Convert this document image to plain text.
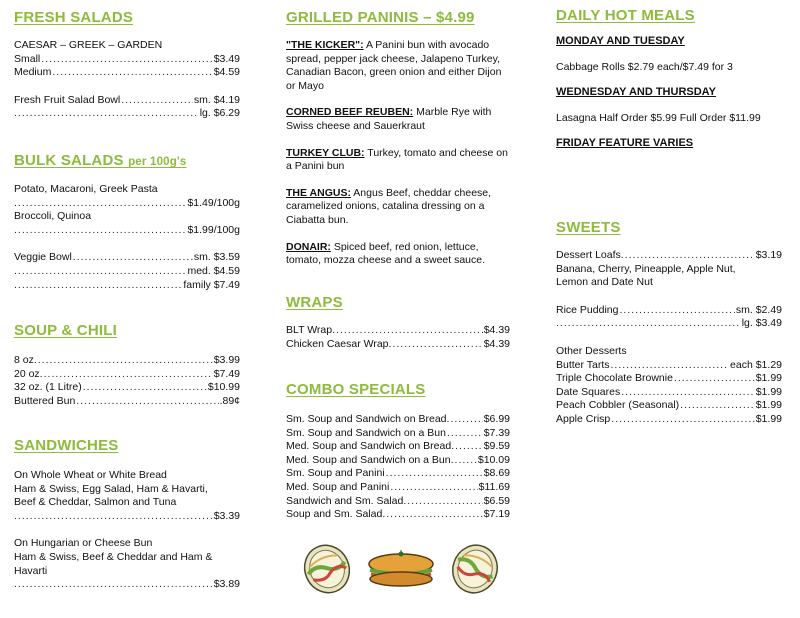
FRESH SALADS
CAESAR – GREEK – GARDEN
Small .....	$3.49
Medium .....	$4.59
Fresh Fruit Salad Bowl .....	sm. $4.19
.....
lg. $6.29
BULK SALADS per 100g's
Potato, Macaroni, Greek Pasta
.....
$1.49/100g
Broccoli, Quinoa
.....
$1.99/100g
Veggie Bowl .....	sm. $3.59
.....
med. $4.59
.....
family $7.49
SOUP & CHILI
8 oz. .....	$3.99
20 oz. .....	$7.49
32 oz. (1 Litre) .....	$10.99
Buttered Bun .....	.89¢
SANDWICHES
On Whole Wheat or White Bread
Ham & Swiss, Egg Salad, Ham & Havarti,
Beef & Cheddar, Salmon and Tuna
.....
$3.39
On Hungarian or Cheese Bun
Ham & Swiss, Beef & Cheddar and Ham &
Havarti
.....
$3.89
GRILLED PANINIS – $4.99

"THE KICKER": A Panini bun with avocado spread, pepper jack cheese, Jalapeno Turkey, Canadian Bacon, green onion and either Dijon or Mayo

CORNED BEEF REUBEN: Marble Rye with Swiss cheese and Sauerkraut

TURKEY CLUB: Turkey, tomato and cheese on a Panini bun

THE ANGUS: Angus Beef, cheddar cheese, caramelized onions, catalina dressing on a Ciabatta bun.

DONAIR: Spiced beef, red onion, lettuce, tomato, mozza cheese and a sweet sauce.

WRAPS
BLT Wrap. .....	$4.39
Chicken Caesar Wrap. .....	$4.39
COMBO SPECIALS
Sm. Soup and Sandwich on Bread. .....	$6.99
Sm. Soup and Sandwich on a Bun .....	$7.39
Med. Soup and Sandwich on Bread. .....	$9.59
Med. Soup and Sandwich on a Bun. ..... $10.09
Sm. Soup and Panini .....	$8.69
Med. Soup and Panini .....	$11.69
Sandwich and Sm. Salad. .....	$6.59
Soup and Sm. Salad. .....	$7.19
DAILY HOT MEALS
MONDAY AND TUESDAY
Cabbage Rolls $2.79 each/$7.49 for 3
WEDNESDAY AND THURSDAY
Lasagna Half Order $5.99 Full Order $11.99
FRIDAY FEATURE VARIES
SWEETS
Dessert Loafs. .....	$3.19
Banana, Cherry, Pineapple, Apple Nut,
Lemon and Date Nut
Rice Pudding .....	sm. $2.49
.....
lg. $3.49
Other Desserts
Butter Tarts .....	each $1.29
Triple Chocolate Brownie .....	$1.99
Date Squares .....	$1.99
Peach Cobbler (Seasonal) .....	$1.99
Apple Crisp .....	$1.99
